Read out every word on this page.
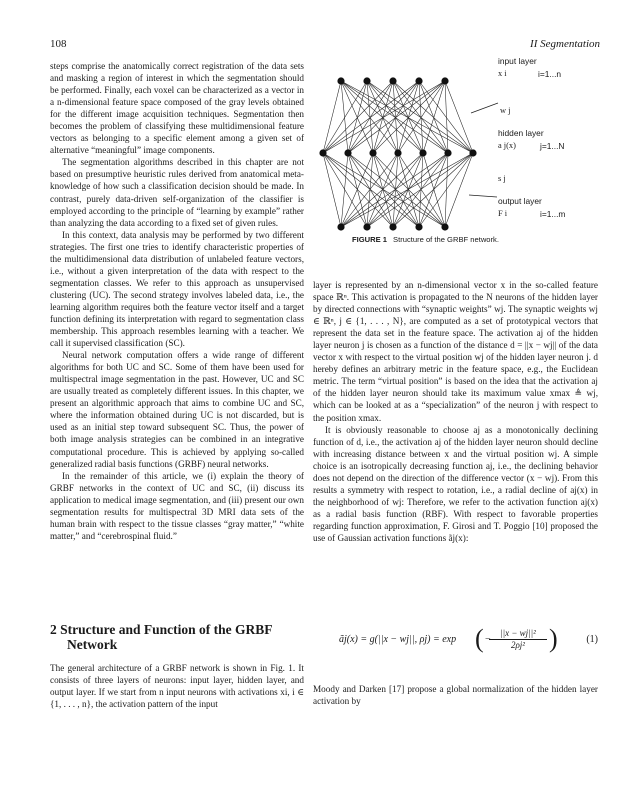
108	II Segmentation

steps comprise the anatomically correct registration of the data sets and masking a region of interest in which the segmentation should be performed. Finally, each voxel can be characterized as a vector in a n-dimensional feature space composed of the gray levels obtained for the different image acquisition techniques. Segmentation then becomes the problem of classifying these multidimensional feature vectors as belonging to a specific element among a given set of alternative “meaningful” image components.

The segmentation algorithms described in this chapter are not based on presumptive heuristic rules derived from anatomical meta-knowledge of how such a classification decision should be made. In contrast, purely data-driven self-organization of the classifier is employed according to the principle of “learning by example” rather than analyzing the data according to a fixed set of given rules.

In this context, data analysis may be performed by two different strategies. The first one tries to identify characteristic properties of the multidimensional data distribution of unlabeled feature vectors, i.e., without a given interpretation of the data with respect to the segmentation classes. We refer to this approach as unsupervised clustering (UC). The second strategy involves labeled data, i.e., the learning algorithm requires both the feature vector itself and a target function defining its interpretation with regard to segmentation class membership. This approach resembles learning with a teacher. We call it supervised classification (SC).

Neural network computation offers a wide range of different algorithms for both UC and SC. Some of them have been used for multispectral image segmentation in the past. However, UC and SC are usually treated as completely different issues. In this chapter, we present an algorithmic approach that aims to combine UC and SC, where the information obtained during UC is not discarded, but is used as an initial step toward subsequent SC. Thus, the power of both image analysis strategies can be combined in an integrative computational procedure. This is achieved by applying so-called generalized radial basis functions (GRBF) neural networks.

In the remainder of this article, we (i) explain the theory of GRBF networks in the context of UC and SC, (ii) discuss its application to medical image segmentation, and (iii) present our own segmentation results for multispectral 3D MRI data sets of the human brain with respect to the tissue classes “gray matter,” “white matter,” and “cerebrospinal fluid.”

2 Structure and Function of the GRBF
Network
The general architecture of a GRBF network is shown in Fig. 1. It consists of three layers of neurons: input layer, hidden layer, and output layer. If we start from n input neurons with activations xi, i ∈ {1, . . . , n}, the activation pattern of the input
input layer
x i	i=1...n
w j
hidden layer
a j(x)	j=1...N
s j
output layer
F i	i=1...m
FIGURE 1 Structure of the GRBF network.

layer is represented by an n-dimensional vector x in the so-called feature space ℝⁿ. This activation is propagated to the N neurons of the hidden layer by directed connections with “synaptic weights” wj. The synaptic weights wj ∈ ℝⁿ, j ∈ {1, . . . , N}, are computed as a set of prototypical vectors that represent the data set in the feature space. The activation aj of the hidden layer neuron j is chosen as a function of the distance d = ||x − wj|| of the data vector x with respect to the virtual position wj of the hidden layer neuron j. d hereby defines an arbitrary metric in the feature space, e.g., the Euclidean metric. The term “virtual position” is based on the idea that the activation aj of the hidden layer neuron should take its maximum value xmax ≜ wj, which can be looked at as a “specialization” of the neuron j with respect to the position xmax.

It is obviously reasonable to choose aj as a monotonically declining function of d, i.e., the activation aj of the hidden layer neuron should decline with increasing distance between x and the virtual position wj. A simple choice is an isotropically decreasing function aj, i.e., the declining behavior does not depend on the direction of the difference vector (x − wj). From this results a symmetry with respect to rotation, i.e., a radial decline of aj(x) in the neighborhood of wj: Therefore, we refer to the activation function aj(x) as a radial basis function (RBF). With respect to favorable properties regarding function approximation, F. Girosi and T. Poggio [10] proposed the use of Gaussian activation functions ãj(x):

ãj(x) = g(||x − wj||, ρj) = exp ( −
$\frac{\text{||x − wj||²}}{\text{2ρj²}}$ )	(1)
Moody and Darken [17] propose a global normalization of the hidden layer activation by
